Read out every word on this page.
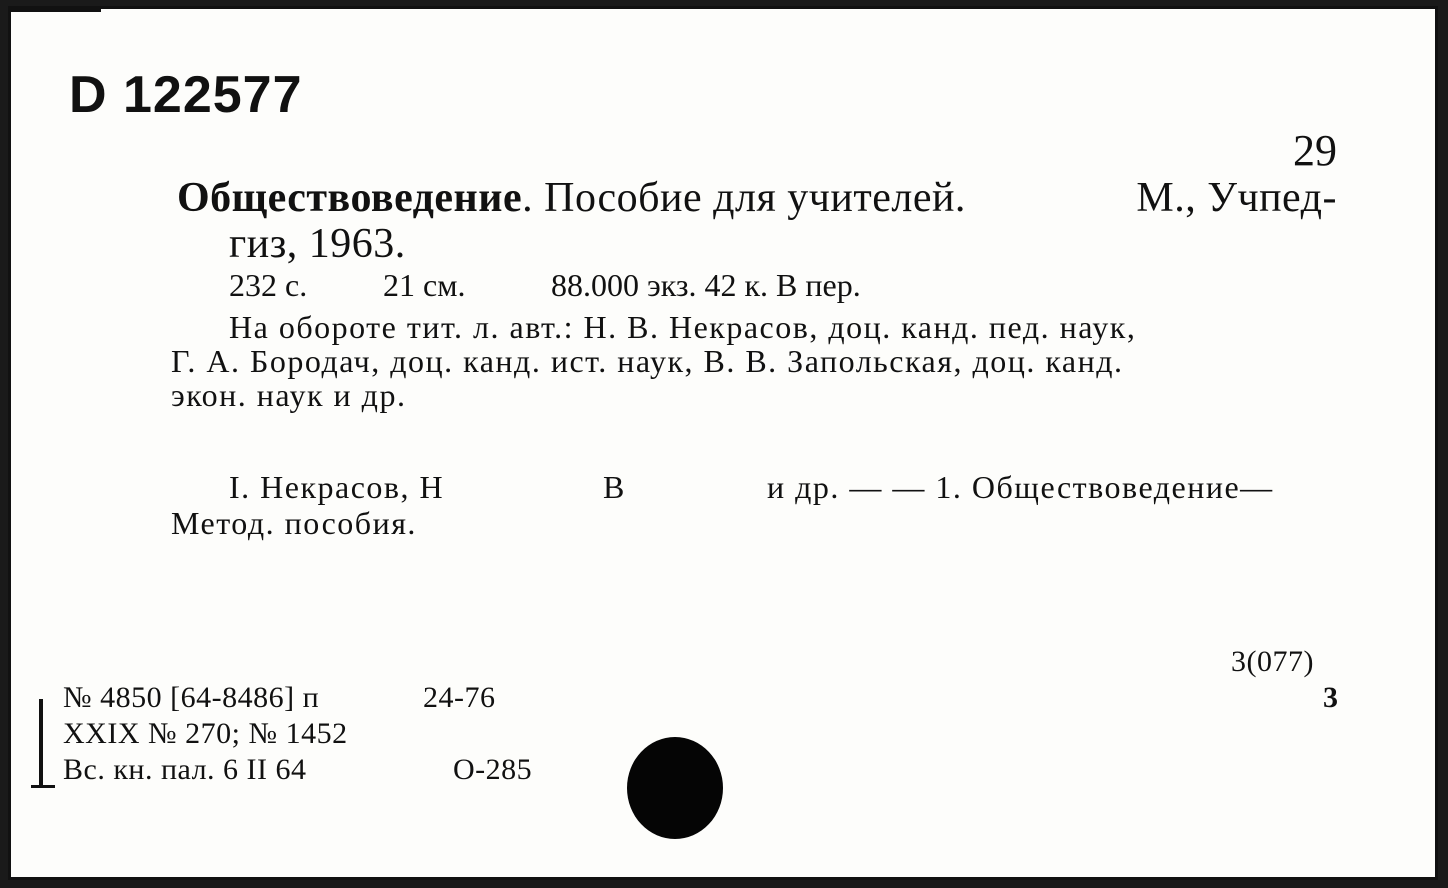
D 122577
29
Обществоведение. Пособие для учителей.	М., Учпед-
гиз, 1963.
232 с. 21 см.	88.000 экз. 42 к. В пер.
На обороте тит. л. авт.: Н. В. Некрасов, доц. канд. пед. наук,
Г. А. Бородач, доц. канд. ист. наук, В. В. Запольская, доц. канд.
экон. наук и др.
I. Некрасов, Н	В	и др. — — 1. Обществоведение—
Метод. пособия.
3(077)
3
№ 4850 [64-8486] п	24-76
XXIX № 270; № 1452
Вс. кн. пал. 6 II 64	O-285
